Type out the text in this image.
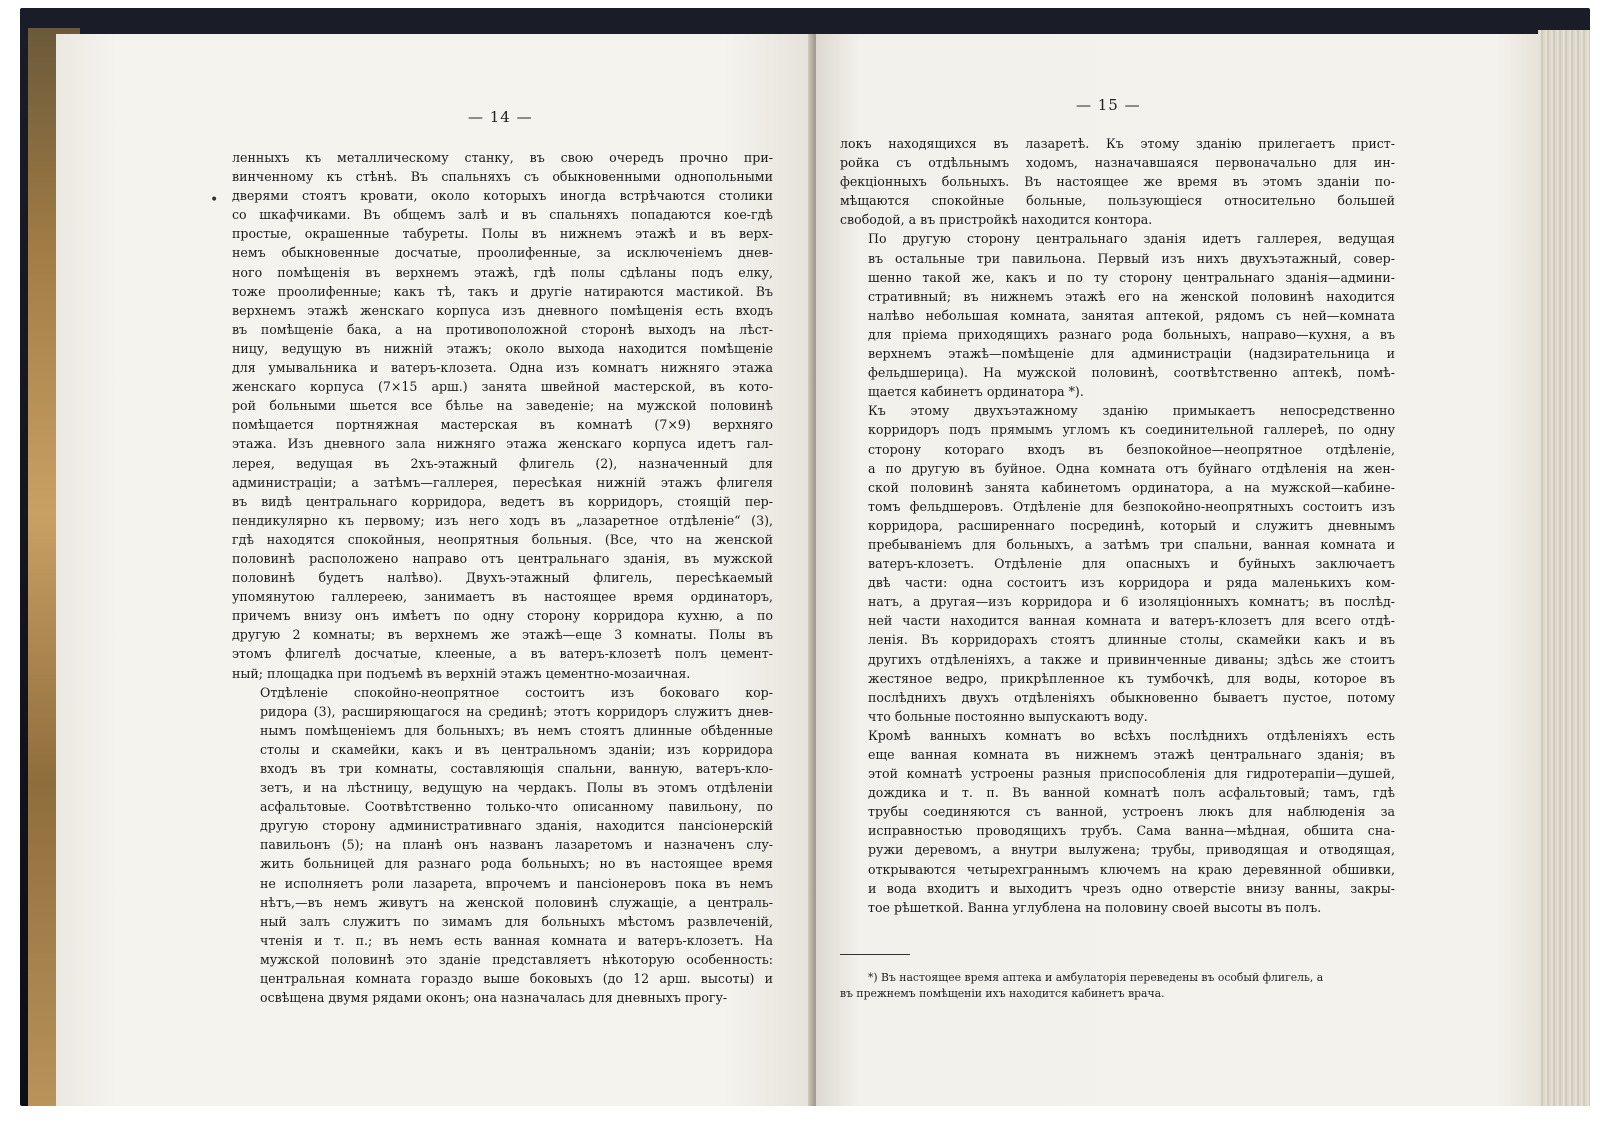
— 14 —

ленныхъ къ металлическому станку, въ свою очередъ прочно при-
винченному къ стѣнѣ. Въ спальняхъ съ обыкновенными однопольными
дверями стоятъ кровати, около которыхъ иногда встрѣчаются столики
со шкафчиками. Въ общемъ залѣ и въ спальняхъ попадаются кое-гдѣ
простые, окрашенные табуреты. Полы въ нижнемъ этажѣ и въ верх-
немъ обыкновенные досчатые, проолифенные, за исключеніемъ днев-
ного помѣщенія въ верхнемъ этажѣ, гдѣ полы сдѣланы подъ елку,
тоже проолифенные; какъ тѣ, такъ и другіе натираются мастикой. Въ
верхнемъ этажѣ женскаго корпуса изъ дневного помѣщенія есть входъ
въ помѣщеніе бака, а на противоположной сторонѣ выходъ на лѣст-
ницу, ведущую въ нижній этажъ; около выхода находится помѣщеніе
для умывальника и ватеръ-клозета. Одна изъ комнатъ нижняго этажа
женскаго корпуса (7×15 арш.) занята швейной мастерской, въ кото-
рой больными шьется все бѣлье на заведеніе; на мужской половинѣ
помѣщается портняжная мастерская въ комнатѣ (7×9) верхняго
этажа. Изъ дневного зала нижняго этажа женскаго корпуса идетъ гал-
лерея, ведущая въ 2хъ-этажный флигель (2), назначенный для
администраціи; а затѣмъ—галлерея, пересѣкая нижній этажъ флигеля
въ видѣ центральнаго корридора, ведетъ въ корридоръ, стоящій пер-
пендикулярно къ первому; изъ него ходъ въ „лазаретное отдѣленіе“ (3),
гдѣ находятся спокойныя, неопрятныя больныя. (Все, что на женской
половинѣ расположено направо отъ центральнаго зданія, въ мужской
половинѣ будетъ налѣво). Двухъ-этажный флигель, пересѣкаемый
упомянутою галлереею, занимаетъ въ настоящее время ординаторъ,
причемъ внизу онъ имѣетъ по одну сторону корридора кухню, а по
другую 2 комнаты; въ верхнемъ же этажѣ—еще 3 комнаты. Полы въ
этомъ флигелѣ досчатые, клееные, а въ ватеръ-клозетѣ полъ цемент-
ный; площадка при подъемѣ въ верхній этажъ цементно-мозаичная.

Отдѣленіе спокойно-неопрятное состоитъ изъ боковаго кор-
ридора (3), расширяющагося на срединѣ; этотъ корридоръ служитъ днев-
нымъ помѣщеніемъ для больныхъ; въ немъ стоятъ длинные обѣденные
столы и скамейки, какъ и въ центральномъ зданіи; изъ корридора
входъ въ три комнаты, составляющія спальни, ванную, ватеръ-кло-
зетъ, и на лѣстницу, ведущую на чердакъ. Полы въ этомъ отдѣленіи
асфальтовые. Соотвѣтственно только-что описанному павильону, по
другую сторону административнаго зданія, находится пансіонерскій
павильонъ (5); на планѣ онъ названъ лазаретомъ и назначенъ слу-
жить больницей для разнаго рода больныхъ; но въ настоящее время
не исполняетъ роли лазарета, впрочемъ и пансіонеровъ пока въ немъ
нѣтъ,—въ немъ живутъ на женской половинѣ служащіе, а централь-
ный залъ служитъ по зимамъ для больныхъ мѣстомъ развлеченій,
чтенія и т. п.; въ немъ есть ванная комната и ватеръ-клозетъ. На
мужской половинѣ это зданіе представляетъ нѣкоторую особенность:
центральная комната гораздо выше боковыхъ (до 12 арш. высоты) и
освѣщена двумя рядами оконъ; она назначалась для дневныхъ прогу-

— 15 —

локъ находящихся въ лазаретѣ. Къ этому зданію прилегаетъ прист-
ройка съ отдѣльнымъ ходомъ, назначавшаяся первоначально для ин-
фекціонныхъ больныхъ. Въ настоящее же время въ этомъ зданіи по-
мѣщаются спокойные больные, пользующіеся относительно большей
свободой, а въ пристройкѣ находится контора.

По другую сторону центральнаго зданія идетъ галлерея, ведущая
въ остальные три павильона. Первый изъ нихъ двухъэтажный, совер-
шенно такой же, какъ и по ту сторону центральнаго зданія—админи-
стративный; въ нижнемъ этажѣ его на женской половинѣ находится
налѣво небольшая комната, занятая аптекой, рядомъ съ ней—комната
для пріема приходящихъ разнаго рода больныхъ, направо—кухня, а въ
верхнемъ этажѣ—помѣщеніе для администраціи (надзирательница и
фельдшерица). На мужской половинѣ, соотвѣтственно аптекѣ, помѣ-
щается кабинетъ ординатора *).

Къ этому двухъэтажному зданію примыкаетъ непосредственно
корридоръ подъ прямымъ угломъ къ соединительной галлереѣ, по одну
сторону котораго входъ въ безпокойное—неопрятное отдѣленіе,
а по другую въ буйное. Одна комната отъ буйнаго отдѣленія на жен-
ской половинѣ занята кабинетомъ ординатора, а на мужской—кабине-
томъ фельдшеровъ. Отдѣленіе для безпокойно-неопрятныхъ состоитъ изъ
корридора, расширеннаго посрединѣ, который и служитъ дневнымъ
пребываніемъ для больныхъ, а затѣмъ три спальни, ванная комната и
ватеръ-клозетъ. Отдѣленіе для опасныхъ и буйныхъ заключаетъ
двѣ части: одна состоитъ изъ корридора и ряда маленькихъ ком-
натъ, а другая—изъ корридора и 6 изоляціонныхъ комнатъ; въ послѣд-
ней части находится ванная комната и ватеръ-клозетъ для всего отдѣ-
ленія. Въ корридорахъ стоятъ длинные столы, скамейки какъ и въ
другихъ отдѣленіяхъ, а также и привинченные диваны; здѣсь же стоитъ
жестяное ведро, прикрѣпленное къ тумбочкѣ, для воды, которое въ
послѣднихъ двухъ отдѣленіяхъ обыкновенно бываетъ пустое, потому
что больные постоянно выпускаютъ воду.

Кромѣ ванныхъ комнатъ во всѣхъ послѣднихъ отдѣленіяхъ есть
еще ванная комната въ нижнемъ этажѣ центральнаго зданія; въ
этой комнатѣ устроены разныя приспособленія для гидротерапіи—душей,
дождика и т. п. Въ ванной комнатѣ полъ асфальтовый; тамъ, гдѣ
трубы соединяются съ ванной, устроенъ люкъ для наблюденія за
исправностью проводящихъ трубъ. Сама ванна—мѣдная, обшита сна-
ружи деревомъ, а внутри вылужена; трубы, приводящая и отводящая,
открываются четырехграннымъ ключемъ на краю деревянной обшивки,
и вода входитъ и выходитъ чрезъ одно отверстіе внизу ванны, закры-
тое рѣшеткой. Ванна углублена на половину своей высоты въ полъ.

*) Въ настоящее время аптека и амбулаторія переведены въ особый флигель, а
въ прежнемъ помѣщеніи ихъ находится кабинетъ врача.
•
